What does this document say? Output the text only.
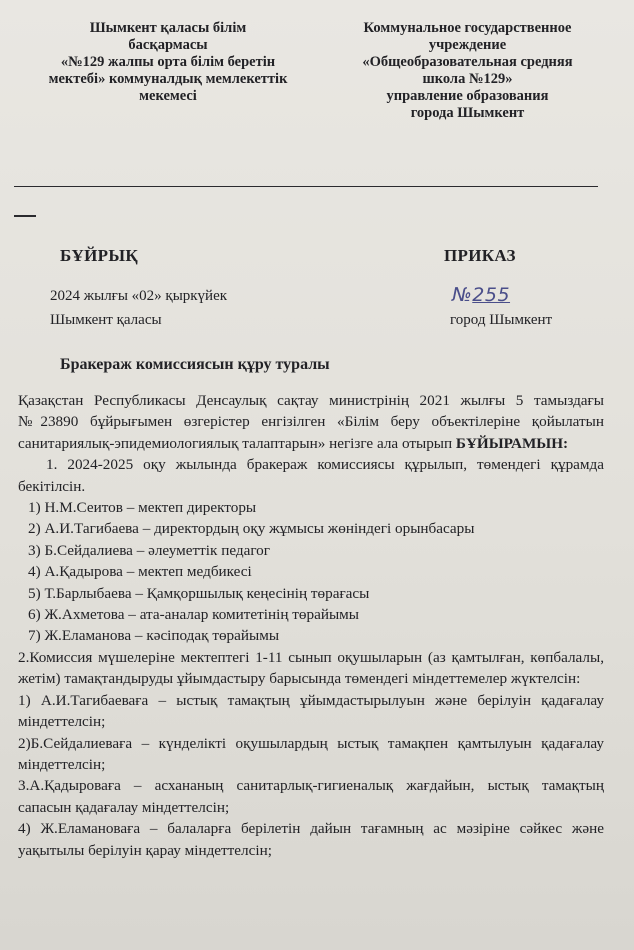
Шымкент қаласы білім
басқармасы
«№129 жалпы орта білім беретін
мектебі» коммуналдық мемлекеттік
мекемесі
Коммунальное государственное
учреждение
«Общеобразовательная средняя
школа №129»
управление образования
города Шымкент
БҰЙРЫҚ	ПРИКАЗ
2024 жылғы «02» қыркүйек
Шымкент қаласы
№255
город Шымкент
Бракераж комиссиясын құру туралы

Қазақстан Республикасы Денсаулық сақтау министрінің 2021 жылғы 5 тамыздағы №23890 бұйрығымен өзгерістер енгізілген «Білім беру объектілеріне қойылатын санитариялық-эпидемиологиялық талаптарын» негізге ала отырып БҰЙЫРАМЫН:

1. 2024-2025 оқу жылында бракераж комиссиясы құрылып, төмендегі құрамда бекітілсін.

1) Н.М.Сеитов – мектеп директоры

2) А.И.Тагибаева – директордың оқу жұмысы жөніндегі орынбасары

3) Б.Сейдалиева – әлеуметтік педагог

4) А.Қадырова – мектеп медбикесі

5) Т.Барлыбаева – Қамқоршылық кеңесінің төрағасы

6) Ж.Ахметова – ата-аналар комитетінің төрайымы

7) Ж.Еламанова – кәсіподақ төрайымы

2.Комиссия мүшелеріне мектептегі 1-11 сынып оқушыларын (аз қамтылған, көпбалалы, жетім) тамақтандыруды ұйымдастыру барысында төмендегі міндеттемелер жүктелсін:

1) А.И.Тагибаеваға – ыстық тамақтың ұйымдастырылуын және берілуін қадағалау міндеттелсін;

2)Б.Сейдалиеваға – күнделікті оқушылардың ыстық тамақпен қамтылуын қадағалау міндеттелсін;

3.А.Қадыроваға – асхананың санитарлық-гигиеналық жағдайын, ыстық тамақтың сапасын қадағалау міндеттелсін;

4) Ж.Еламановаға – балаларға берілетін дайын тағамның ас мәзіріне сәйкес және уақытылы берілуін қарау міндеттелсін;
